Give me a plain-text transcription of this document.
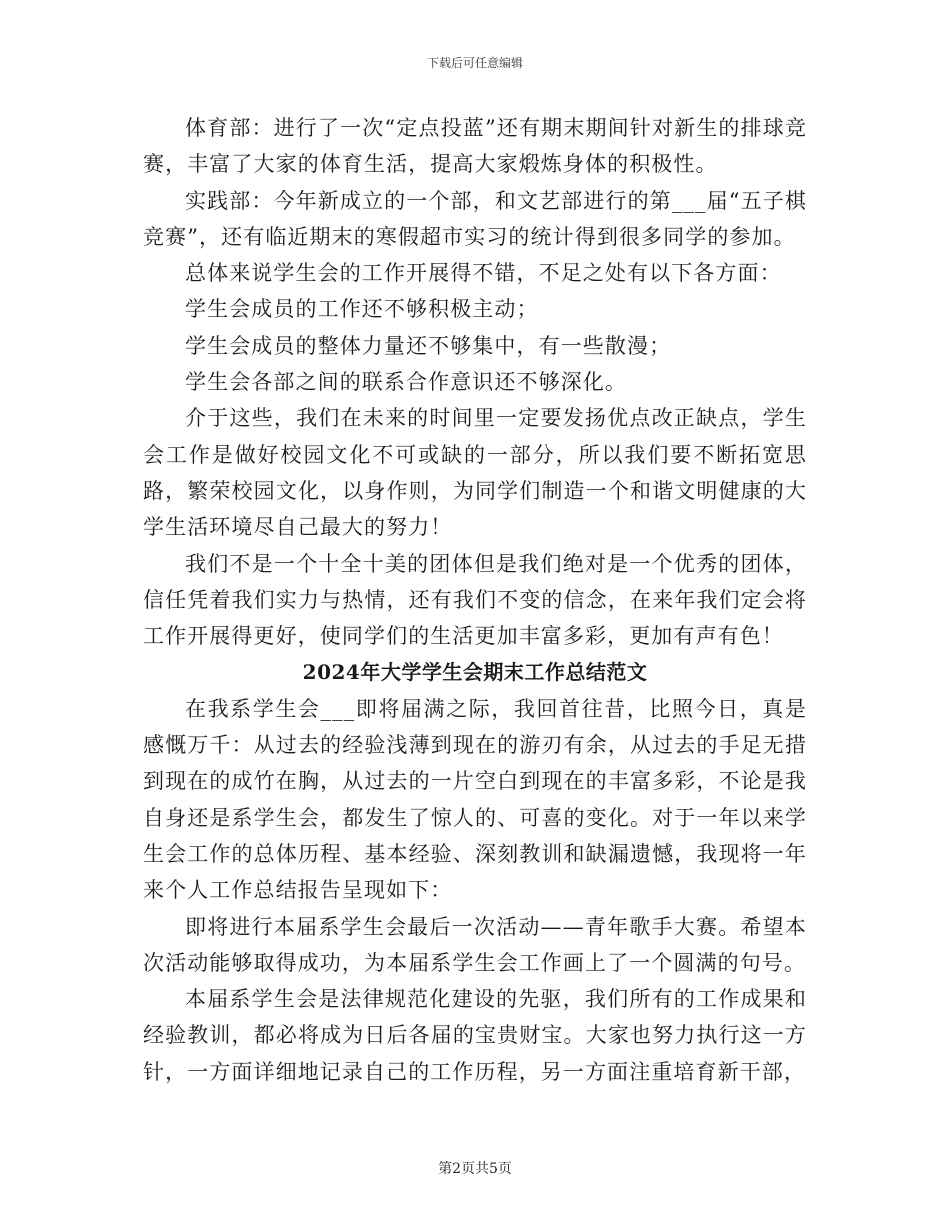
下载后可任意编辑

体育部：进行了一次“定点投蓝”还有期末期间针对新生的排球竞赛，丰富了大家的体育生活，提高大家煅炼身体的积极性。

实践部：今年新成立的一个部，和文艺部进行的第___届“五子棋竞赛”，还有临近期末的寒假超市实习的统计得到很多同学的参加。

总体来说学生会的工作开展得不错，不足之处有以下各方面：

学生会成员的工作还不够积极主动；

学生会成员的整体力量还不够集中，有一些散漫；

学生会各部之间的联系合作意识还不够深化。

介于这些，我们在未来的时间里一定要发扬优点改正缺点，学生会工作是做好校园文化不可或缺的一部分，所以我们要不断拓宽思路，繁荣校园文化，以身作则，为同学们制造一个和谐文明健康的大学生活环境尽自己最大的努力！

我们不是一个十全十美的团体但是我们绝对是一个优秀的团体，信任凭着我们实力与热情，还有我们不变的信念，在来年我们定会将工作开展得更好，使同学们的生活更加丰富多彩，更加有声有色！

2024年大学学生会期末工作总结范文

在我系学生会___即将届满之际，我回首往昔，比照今日，真是感慨万千：从过去的经验浅薄到现在的游刃有余，从过去的手足无措到现在的成竹在胸，从过去的一片空白到现在的丰富多彩，不论是我自身还是系学生会，都发生了惊人的、可喜的变化。对于一年以来学生会工作的总体历程、基本经验、深刻教训和缺漏遗憾，我现将一年来个人工作总结报告呈现如下：

即将进行本届系学生会最后一次活动——青年歌手大赛。希望本次活动能够取得成功，为本届系学生会工作画上了一个圆满的句号。

本届系学生会是法律规范化建设的先驱，我们所有的工作成果和经验教训，都必将成为日后各届的宝贵财宝。大家也努力执行这一方针，一方面详细地记录自己的工作历程，另一方面注重培育新干部，

第2页共5页
